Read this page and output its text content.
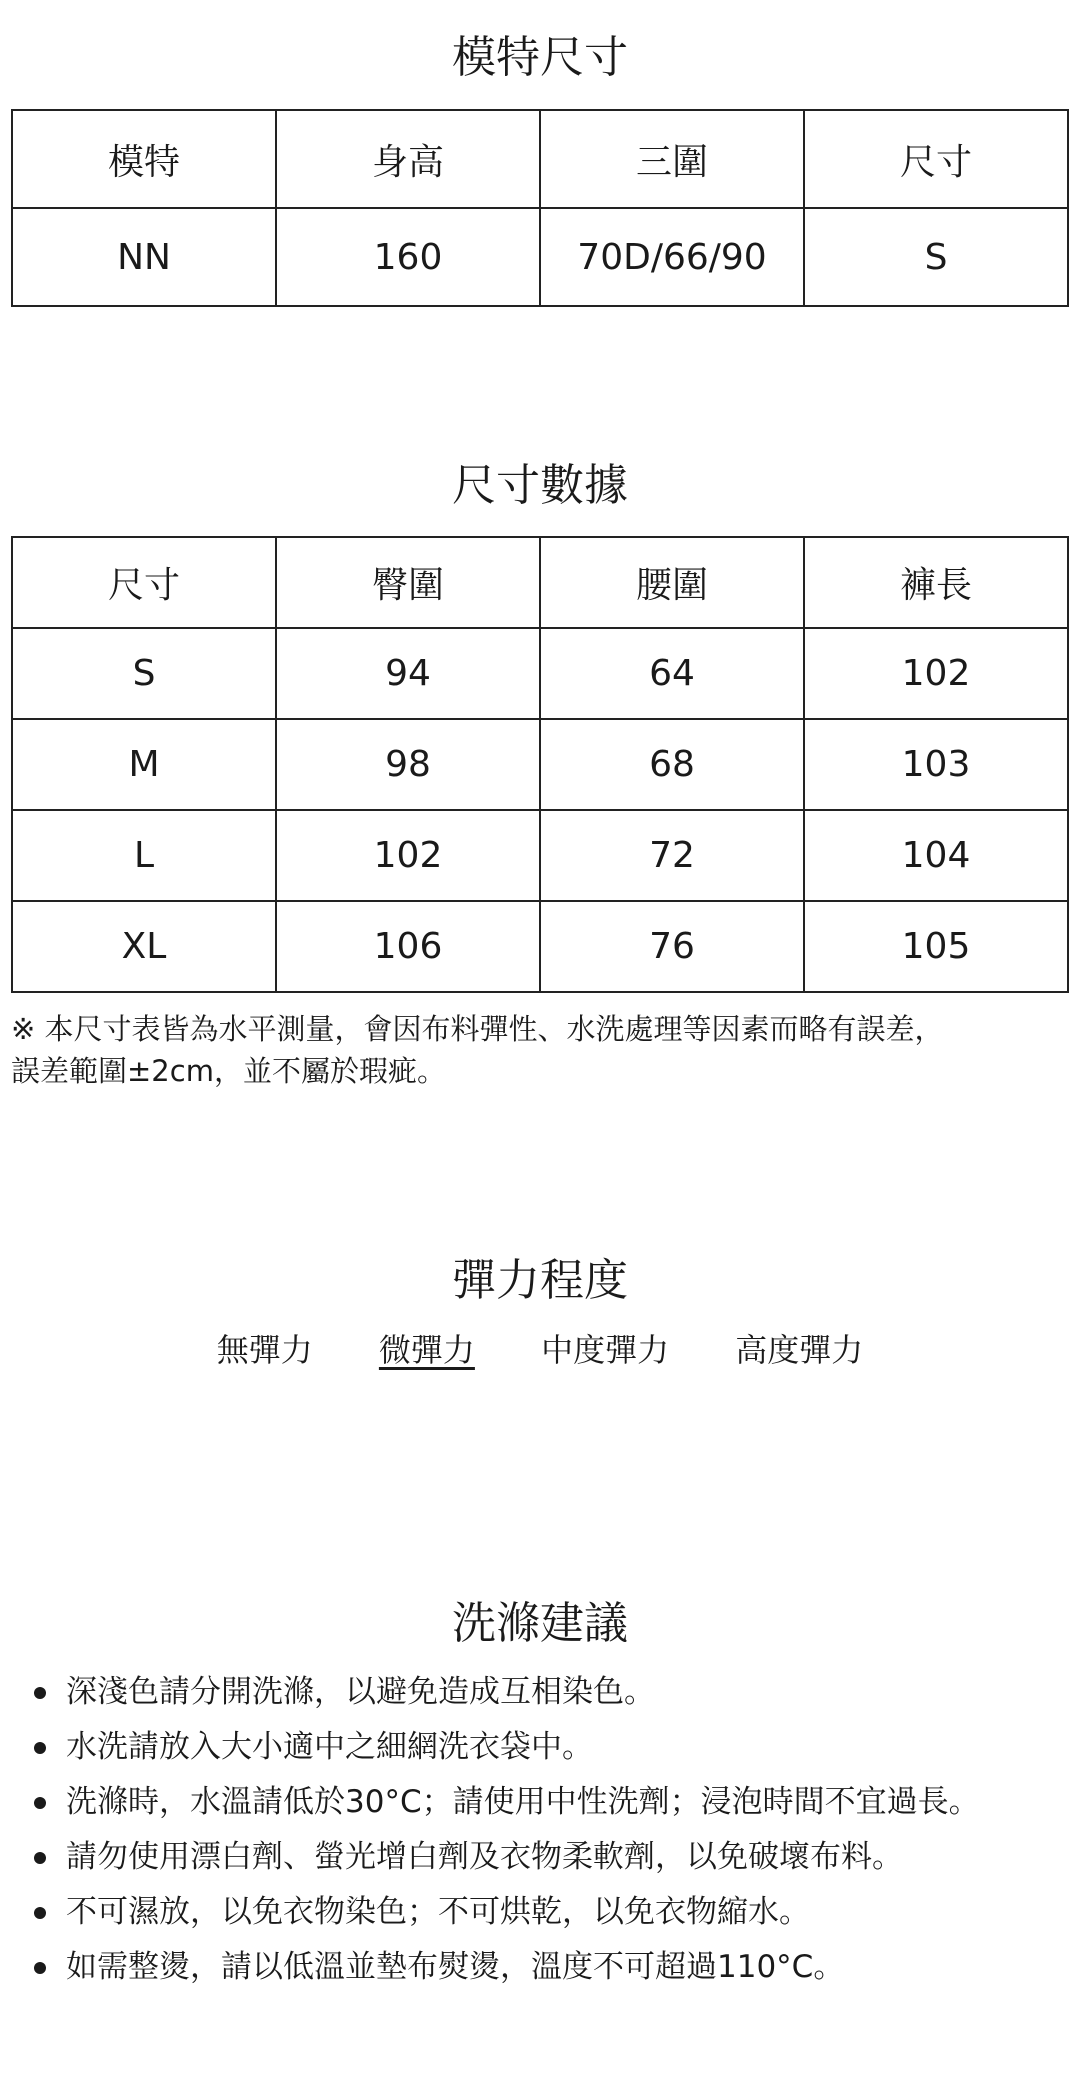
模特尺寸
模特	身高	三圍	尺寸
NN	160	70D/66/90	S
尺寸數據
尺寸	臀圍	腰圍	褲長
S	94	64	102
M	98	68	103
L	102	72	104
XL	106	76	105
※ 本尺寸表皆為水平測量，會因布料彈性、水洗處理等因素而略有誤差，
誤差範圍±2cm，並不屬於瑕疵。
彈力程度
無彈力 微彈力 中度彈力 高度彈力
洗滌建議
深淺色請分開洗滌，以避免造成互相染色。
水洗請放入大小適中之細網洗衣袋中。
洗滌時，水溫請低於30°C；請使用中性洗劑；浸泡時間不宜過長。
請勿使用漂白劑、螢光增白劑及衣物柔軟劑，以免破壞布料。
不可濕放，以免衣物染色；不可烘乾，以免衣物縮水。
如需整燙，請以低溫並墊布熨燙，溫度不可超過110°C。
